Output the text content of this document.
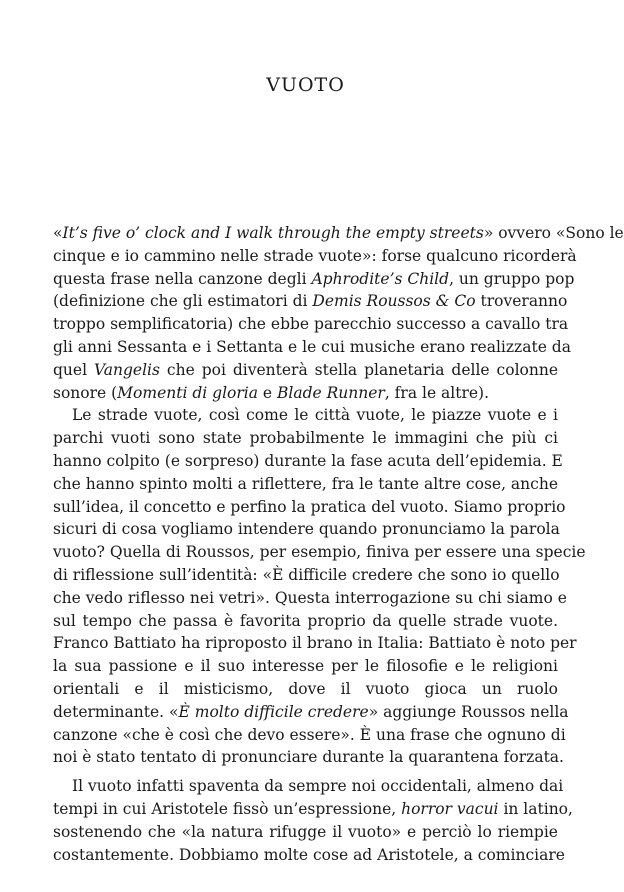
VUOTO
«It’s five o’ clock and I walk through the empty streets» ovvero «Sono le
cinque e io cammino nelle strade vuote»: forse qualcuno ricorderà
questa frase nella canzone degli Aphrodite’s Child, un gruppo pop
(definizione che gli estimatori di Demis Roussos & Co troveranno
troppo semplificatoria) che ebbe parecchio successo a cavallo tra
gli anni Sessanta e i Settanta e le cui musiche erano realizzate da
quel Vangelis che poi diventerà stella planetaria delle colonne
sonore (Momenti di gloria e Blade Runner, fra le altre).
Le strade vuote, così come le città vuote, le piazze vuote e i
parchi vuoti sono state probabilmente le immagini che più ci
hanno colpito (e sorpreso) durante la fase acuta dell’epidemia. E
che hanno spinto molti a riflettere, fra le tante altre cose, anche
sull’idea, il concetto e perfino la pratica del vuoto. Siamo proprio
sicuri di cosa vogliamo intendere quando pronunciamo la parola
vuoto? Quella di Roussos, per esempio, finiva per essere una specie
di riflessione sull’identità: «È difficile credere che sono io quello
che vedo riflesso nei vetri». Questa interrogazione su chi siamo e
sul tempo che passa è favorita proprio da quelle strade vuote.
Franco Battiato ha riproposto il brano in Italia: Battiato è noto per
la sua passione e il suo interesse per le filosofie e le religioni
orientali e il misticismo, dove il vuoto gioca un ruolo
determinante. «È molto difficile credere» aggiunge Roussos nella
canzone «che è così che devo essere». È una frase che ognuno di
noi è stato tentato di pronunciare durante la quarantena forzata.
Il vuoto infatti spaventa da sempre noi occidentali, almeno dai
tempi in cui Aristotele fissò un’espressione, horror vacui in latino,
sostenendo che «la natura rifugge il vuoto» e perciò lo riempie
costantemente. Dobbiamo molte cose ad Aristotele, a cominciare
